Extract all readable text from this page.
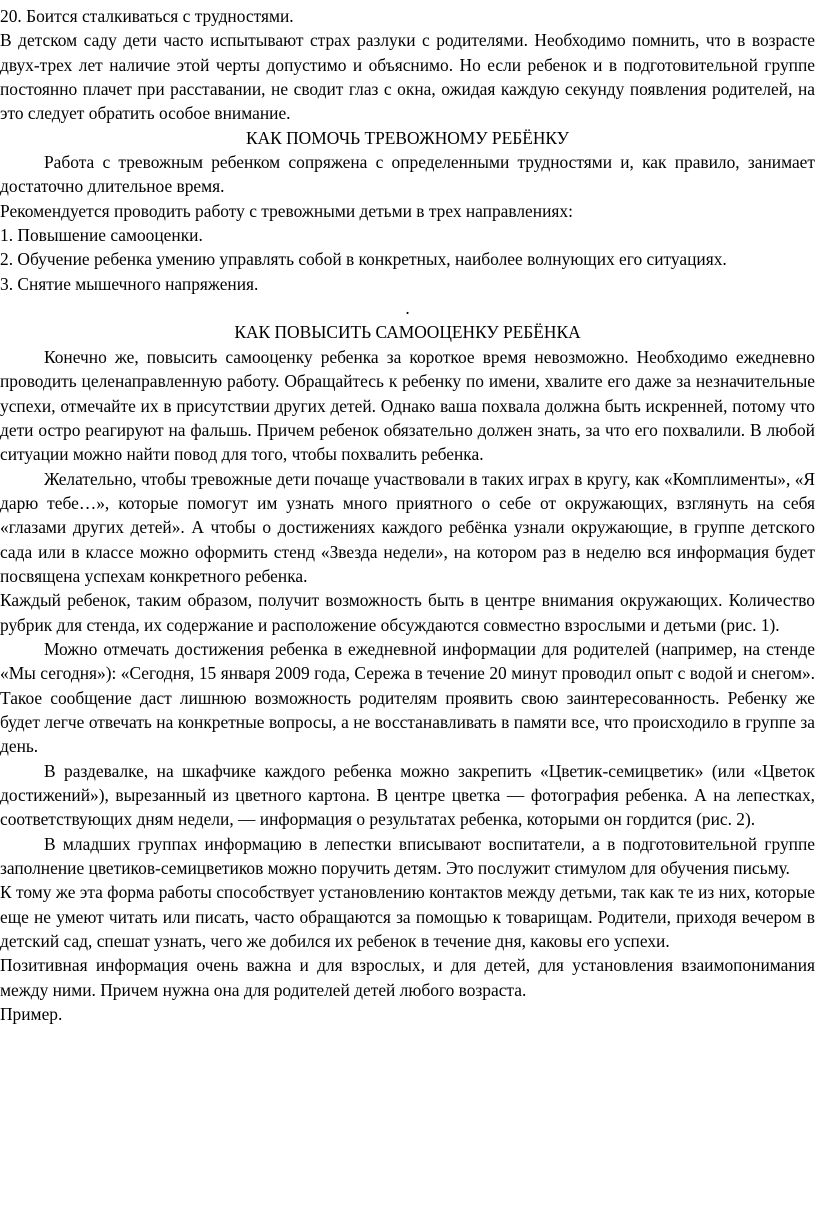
20. Боится сталкиваться с трудностями.

В детском саду дети часто испытывают страх разлуки с родителями. Необходимо помнить, что в возрасте двух-трех лет наличие этой черты допустимо и объяснимо. Но если ребенок и в подготовительной группе постоянно плачет при расставании, не сводит глаз с окна, ожидая каждую секунду появления родителей, на это следует обратить особое внимание.

КАК ПОМОЧЬ ТРЕВОЖНОМУ РЕБЁНКУ

Работа с тревожным ребенком сопряжена с определенными трудностями и, как правило, занимает достаточно длительное время.

Рекомендуется проводить работу с тревожными детьми в трех направлениях:

1. Повышение самооценки.

2. Обучение ребенка умению управлять собой в конкретных, наиболее волнующих его ситуациях.

3. Снятие мышечного напряжения.

.

КАК ПОВЫСИТЬ САМООЦЕНКУ РЕБЁНКА

Конечно же, повысить самооценку ребенка за короткое время невозможно. Необходимо ежедневно проводить целенаправленную работу. Обращайтесь к ребенку по имени, хвалите его даже за незначительные успехи, отмечайте их в присутствии других детей. Однако ваша похвала должна быть искренней, потому что дети остро реагируют на фальшь. Причем ребенок обязательно должен знать, за что его похвалили. В любой ситуации можно найти повод для того, чтобы похвалить ребенка.

Желательно, чтобы тревожные дети почаще участвовали в таких играх в кругу, как «Комплименты», «Я дарю тебе…», которые помогут им узнать много приятного о себе от окружающих, взглянуть на себя «глазами других детей». А чтобы о достижениях каждого ребёнка узнали окружающие, в группе детского сада или в классе можно оформить стенд «Звезда недели», на котором раз в неделю вся информация будет посвящена успехам конкретного ребенка.

Каждый ребенок, таким образом, получит возможность быть в центре внимания окружающих. Количество рубрик для стенда, их содержание и расположение обсуждаются совместно взрослыми и детьми (рис. 1).

Можно отмечать достижения ребенка в ежедневной информации для родителей (например, на стенде «Мы сегодня»): «Сегодня, 15 января 2009 года, Сережа в течение 20 минут проводил опыт с водой и снегом». Такое сообщение даст лишнюю возможность родителям проявить свою заинтересованность. Ребенку же будет легче отвечать на конкретные вопросы, а не восстанавливать в памяти все, что происходило в группе за день.

В раздевалке, на шкафчике каждого ребенка можно закрепить «Цветик-семицветик» (или «Цветок достижений»), вырезанный из цветного картона. В центре цветка — фотография ребенка. А на лепестках, соответствующих дням недели, — информация о результатах ребенка, которыми он гордится (рис. 2).

В младших группах информацию в лепестки вписывают воспитатели, а в подготовительной группе заполнение цветиков-семицветиков можно поручить детям. Это послужит стимулом для обучения письму.

К тому же эта форма работы способствует установлению контактов между детьми, так как те из них, которые еще не умеют читать или писать, часто обращаются за помощью к товарищам. Родители, приходя вечером в детский сад, спешат узнать, чего же добился их ребенок в течение дня, каковы его успехи.

Позитивная информация очень важна и для взрослых, и для детей, для установления взаимопонимания между ними. Причем нужна она для родителей детей любого возраста.

Пример.
